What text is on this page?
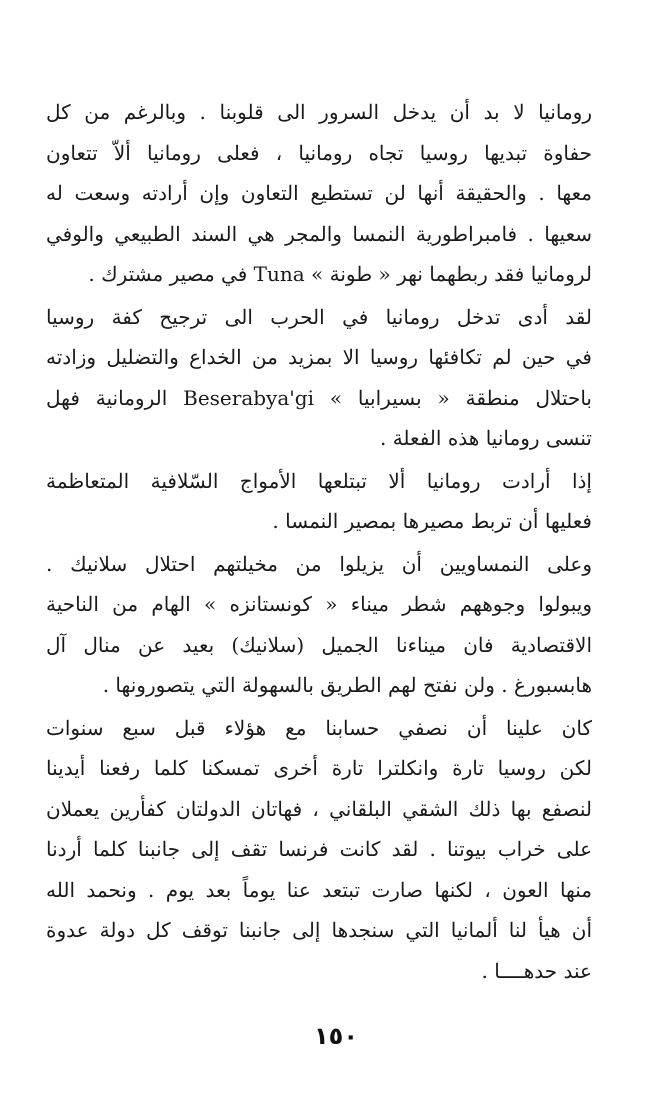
رومانيا لا بد أن يدخل السرور الى قلوبنا . وبالرغم من كل
حفاوة تبديها روسيا تجاه رومانيا ، فعلى رومانيا ألاّ تتعاون
معها . والحقيقة أنها لن تستطيع التعاون وإن أرادته وسعت له
سعيها . فامبراطورية النمسا والمجر هي السند الطبيعي والوفي
لرومانيا فقد ربطهما نهر « طونة » Tuna في مصير مشترك .
لقد أدى تدخل رومانيا في الحرب الى ترجيح كفة روسيا
في حين لم تكافئها روسيا الا بمزيد من الخداع والتضليل وزادته
باحتلال منطقة « بسيرابيا » Beserabya'gi الرومانية فهل
تنسى رومانيا هذه الفعلة .
إذا أرادت رومانيا ألا تبتلعها الأمواج السّلافية المتعاظمة
فعليها أن تربط مصيرها بمصير النمسا .
وعلى النمساويين أن يزيلوا من مخيلتهم احتلال سلانيك .
ويبولوا وجوههم شطر ميناء « كونستانزه » الهام من الناحية
الاقتصادية فان ميناءنا الجميل (سلانيك) بعيد عن منال آل
هابسبورغ . ولن نفتح لهم الطريق بالسهولة التي يتصورونها .
كان علينا أن نصفي حسابنا مع هؤلاء قبل سبع سنوات
لكن روسيا تارة وانكلترا تارة أخرى تمسكنا كلما رفعنا أيدينا
لنصفع بها ذلك الشقي البلقاني ، فهاتان الدولتان كفأرين يعملان
على خراب بيوتنا . لقد كانت فرنسا تقف إلى جانبنا كلما أردنا
منها العون ، لكنها صارت تبتعد عنا يوماً بعد يوم . ونحمد الله
أن هيأ لنا ألمانيا التي سنجدها إلى جانبنا توقف كل دولة عدوة
عند حدهــــا .
١٥٠
